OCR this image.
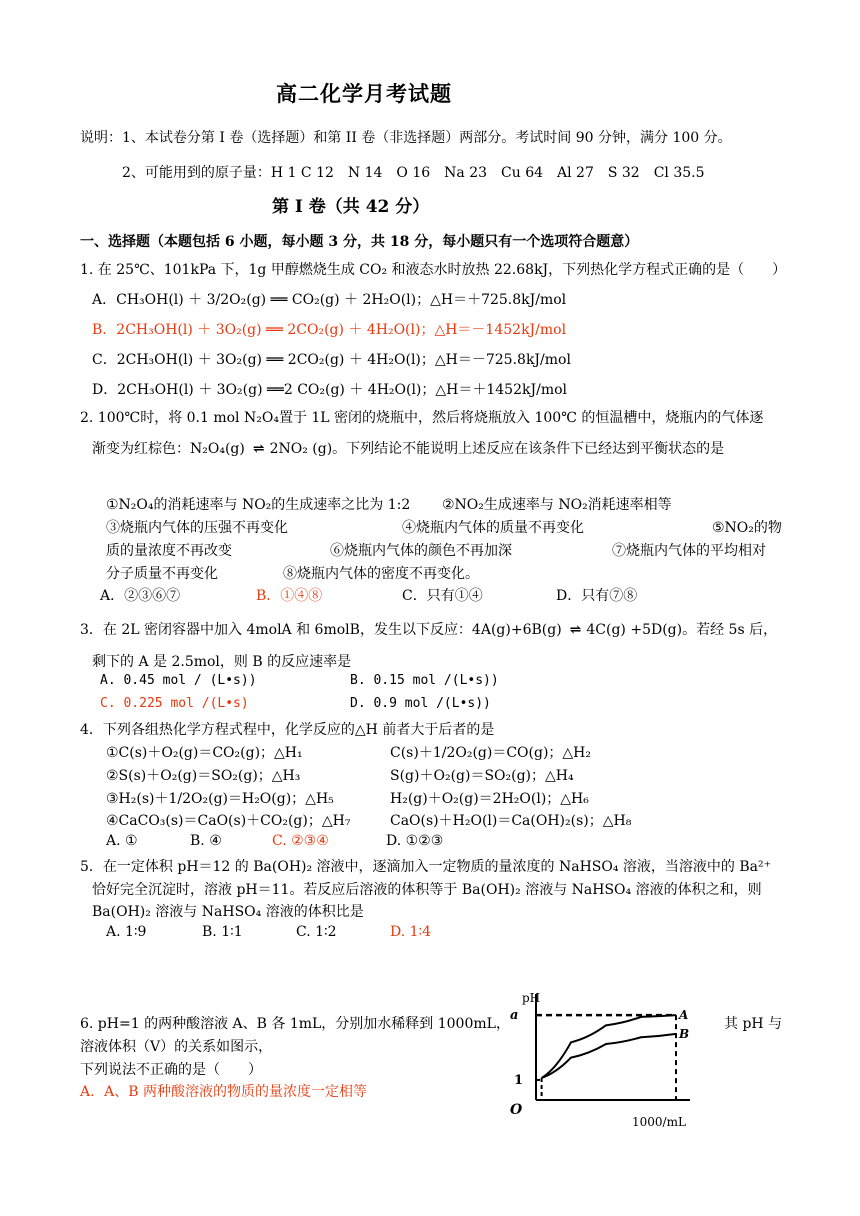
高二化学月考试题
说明：1、本试卷分第 I 卷（选择题）和第 II 卷（非选择题）两部分。考试时间 90 分钟，满分 100 分。
2、可能用到的原子量：H 1 C 12　N 14　O 16　Na 23　Cu 64　Al 27　S 32　Cl 35.5
第 I 卷（共 42 分）
一、选择题（本题包括 6 小题，每小题 3 分，共 18 分，每小题只有一个选项符合题意）
1. 在 25℃、101kPa 下，1g 甲醇燃烧生成 CO₂ 和液态水时放热 22.68kJ，下列热化学方程式正确的是（　　）
A．CH₃OH(l) ＋ 3/2O₂(g) ══ CO₂(g) ＋ 2H₂O(l)；△H＝＋725.8kJ/mol
B．2CH₃OH(l) ＋ 3O₂(g) ══ 2CO₂(g) ＋ 4H₂O(l)；△H＝－1452kJ/mol
C．2CH₃OH(l) ＋ 3O₂(g) ══ 2CO₂(g) ＋ 4H₂O(l)；△H＝－725.8kJ/mol
D．2CH₃OH(l) ＋ 3O₂(g) ══2 CO₂(g) ＋ 4H₂O(l)；△H＝＋1452kJ/mol
2. 100℃时，将 0.1 mol N₂O₄置于 1L 密闭的烧瓶中，然后将烧瓶放入 100℃ 的恒温槽中，烧瓶内的气体逐
渐变为红棕色：N₂O₄(g) ⇌ 2NO₂ (g)。下列结论不能说明上述反应在该条件下已经达到平衡状态的是
①N₂O₄的消耗速率与 NO₂的生成速率之比为 1:2 ②NO₂生成速率与 NO₂消耗速率相等
③烧瓶内气体的压强不再变化	④烧瓶内气体的质量不再变化	⑤NO₂的物
质的量浓度不再改变	⑥烧瓶内气体的颜色不再加深	⑦烧瓶内气体的平均相对
分子质量不再变化	⑧烧瓶内气体的密度不再变化。
A．②③⑥⑦	B．①④⑧	C．只有①④	D．只有⑦⑧
3．在 2L 密闭容器中加入 4molA 和 6molB，发生以下反应：4A(g)+6B(g) ⇌ 4C(g) +5D(g)。若经 5s 后，
剩下的 A 是 2.5mol，则 B 的反应速率是
A. 0.45 mol / (L•s))	B. 0.15 mol /(L•s))
C. 0.225 mol /(L•s)	D. 0.9 mol /(L•s))
4．下列各组热化学方程式程中，化学反应的△H 前者大于后者的是
①C(s)＋O₂(g)＝CO₂(g)；△H₁	C(s)＋1/2O₂(g)＝CO(g)；△H₂
②S(s)＋O₂(g)＝SO₂(g)；△H₃	S(g)＋O₂(g)＝SO₂(g)；△H₄
③H₂(s)＋1/2O₂(g)＝H₂O(g)；△H₅	H₂(g)＋O₂(g)＝2H₂O(l)；△H₆
④CaCO₃(s)＝CaO(s)＋CO₂(g)；△H₇	CaO(s)＋H₂O(l)＝Ca(OH)₂(s)；△H₈
A. ①	B. ④	C. ②③④	D. ①②③
5．在一定体积 pH＝12 的 Ba(OH)₂ 溶液中，逐滴加入一定物质的量浓度的 NaHSO₄ 溶液，当溶液中的 Ba²⁺
恰好完全沉淀时，溶液 pH＝11。若反应后溶液的体积等于 Ba(OH)₂ 溶液与 NaHSO₄ 溶液的体积之和，则
Ba(OH)₂ 溶液与 NaHSO₄ 溶液的体积比是
A. 1∶9	B. 1∶1	C. 1∶2	D. 1∶4
6. pH=1 的两种酸溶液 A、B 各 1mL，分别加水稀释到 1000mL，	其 pH 与
溶液体积（V）的关系如图示，
下列说法不正确的是（　　）
A．A、B 两种酸溶液的物质的量浓度一定相等
A
B
pH
a
1
O
1000/mL
